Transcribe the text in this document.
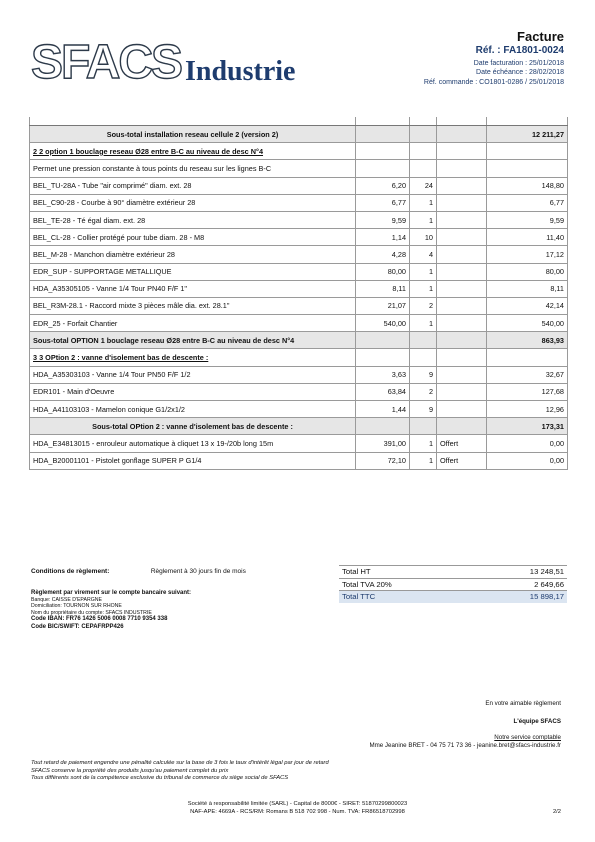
SFACS Industrie
Facture
Réf. : FA1801-0024
Date facturation : 25/01/2018
Date échéance : 28/02/2018
Réf. commande : CO1801-0286 / 25/01/2018

Sous-total installation reseau cellule 2 (version 2)				12 211,27
2 2 option 1 bouclage reseau Ø28 entre B-C au niveau de desc N°4				
Permet une pression constante à tous points du reseau sur les lignes B-C				
BEL_TU-28A - Tube "air comprimé" diam. ext. 28	6,20	24		148,80
BEL_C90-28 - Courbe à 90° diamètre extérieur 28	6,77	1		6,77
BEL_TE-28 - Té égal diam. ext. 28	9,59	1		9,59
BEL_CL-28 - Collier protégé pour tube diam. 28 - M8	1,14	10		11,40
BEL_M-28 - Manchon diamètre extérieur 28	4,28	4		17,12
EDR_SUP - SUPPORTAGE METALLIQUE	80,00	1		80,00
HDA_A35305105 - Vanne 1/4 Tour PN40 F/F 1"	8,11	1		8,11
BEL_R3M-28.1 - Raccord mixte 3 pièces mâle dia. ext. 28.1"	21,07	2		42,14
EDR_25 - Forfait Chantier	540,00	1		540,00
Sous-total OPTION 1 bouclage reseau Ø28 entre B-C au niveau de desc N°4				863,93
3 3 OPtion 2 : vanne d'isolement bas de descente :				
HDA_A35303103 - Vanne 1/4 Tour PN50 F/F 1/2	3,63	9		32,67
EDR101 - Main d'Oeuvre	63,84	2		127,68
HDA_A41103103 - Mamelon conique G1/2x1/2	1,44	9		12,96
Sous-total OPtion 2 : vanne d'isolement bas de descente :				173,31
HDA_E34813015 - enrouleur automatique à cliquet 13 x 19-/20b long 15m	391,00	1	Offert	0,00
HDA_B20001101 - Pistolet gonflage SUPER P G1/4	72,10	1	Offert	0,00
Conditions de règlement:	Règlement à 30 jours fin de mois
Règlement par virement sur le compte bancaire suivant:
Banque: CAISSE D'EPARGNE
Domiciliation: TOURNON SUR RHONE
Nom du propriétaire du compte: SFACS INDUSTRIE
Code IBAN: FR76 1426 5006 0008 7710 9354 338
Code BIC/SWIFT: CEPAFRPP426
Total HT	13 248,51
Total TVA 20%	2 649,66
Total TTC	15 898,17
En votre aimable règlement
L'équipe SFACS
Notre service comptable
Mme Jeanine BRET - 04 75 71 73 36 - jeanine.bret@sfacs-industrie.fr
Tout retard de paiement engendre une pénalité calculée sur la base de 3 fois le taux d'intérêt légal par jour de retard
SFACS conserve la propriété des produits jusqu'au paiement complet du prix
Tous différents sont de la compétence exclusive du tribunal de commerce du siège social de SFACS
Société à responsabilité limitée (SARL) - Capital de 8000€ - SIRET: 51870299800023
NAF-APE: 4669A - RCS/RM: Romans B 518 702 998 - Num. TVA: FR86518702998	2/2
